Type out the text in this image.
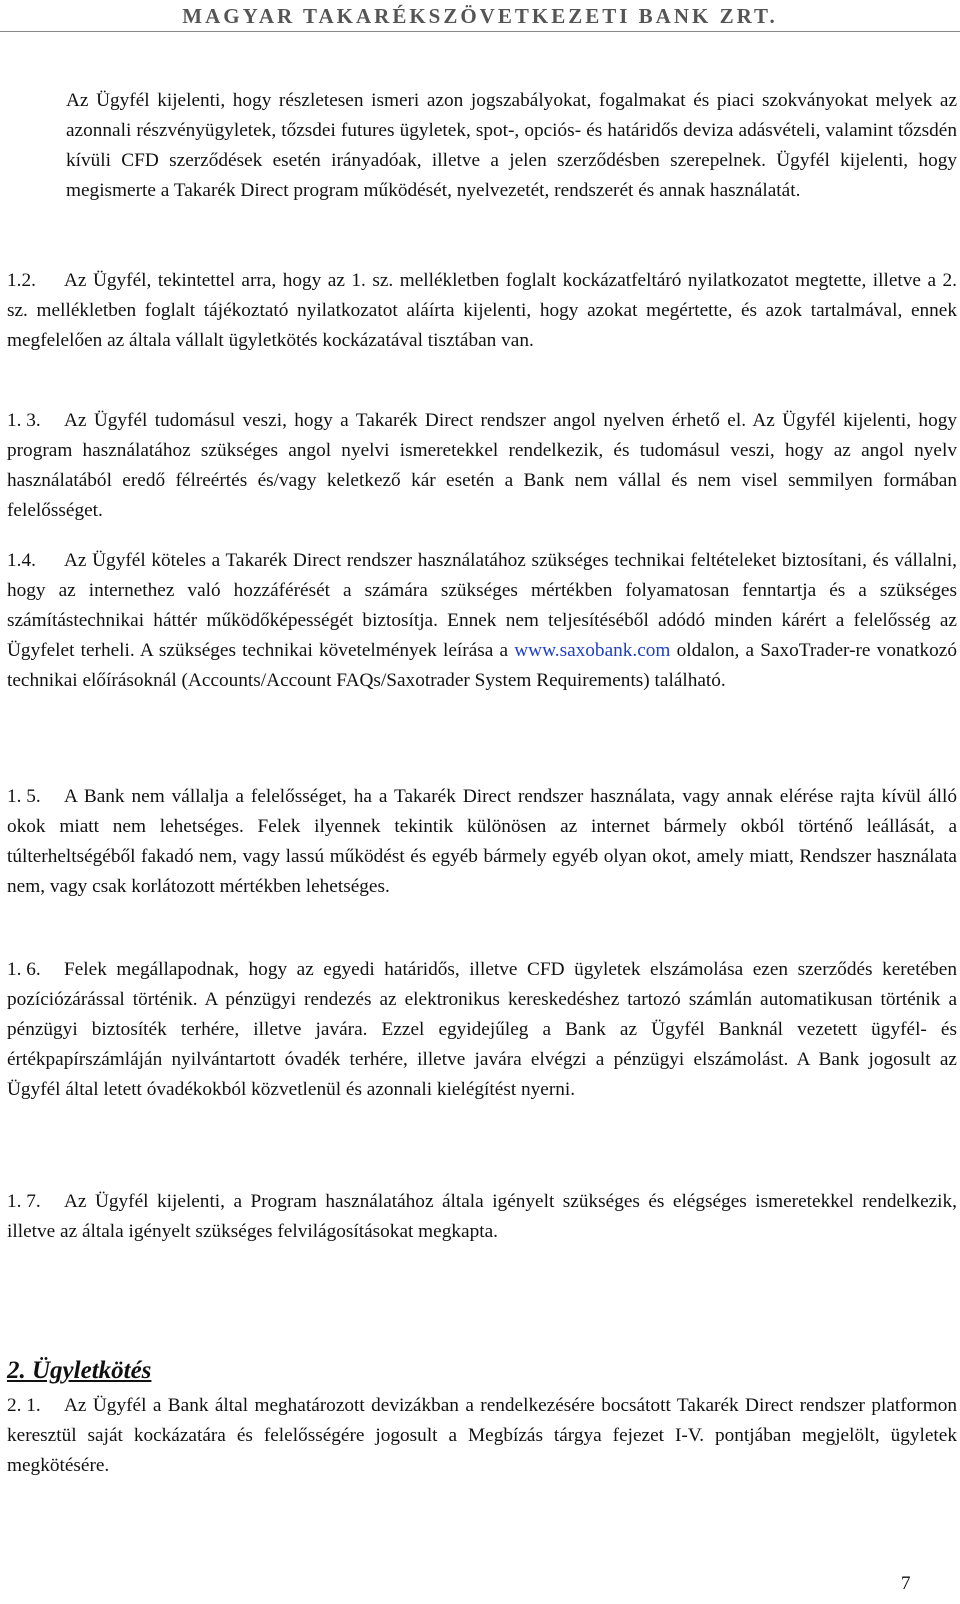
MAGYAR TAKARÉKSZÖVETKEZETI BANK ZRT.

Az Ügyfél kijelenti, hogy részletesen ismeri azon jogszabályokat, fogalmakat és piaci szokványokat melyek az azonnali részvényügyletek, tőzsdei futures ügyletek, spot-, opciós- és határidős deviza adásvételi, valamint tőzsdén kívüli CFD szerződések esetén irányadóak, illetve a jelen szerződésben szerepelnek. Ügyfél kijelenti, hogy megismerte a Takarék Direct program működését, nyelvezetét, rendszerét és annak használatát.

1.2. Az Ügyfél, tekintettel arra, hogy az 1. sz. mellékletben foglalt kockázatfeltáró nyilatkozatot megtette, illetve a 2. sz. mellékletben foglalt tájékoztató nyilatkozatot aláírta kijelenti, hogy azokat megértette, és azok tartalmával, ennek megfelelően az általa vállalt ügyletkötés kockázatával tisztában van.

1. 3. Az Ügyfél tudomásul veszi, hogy a Takarék Direct rendszer angol nyelven érhető el. Az Ügyfél kijelenti, hogy program használatához szükséges angol nyelvi ismeretekkel rendelkezik, és tudomásul veszi, hogy az angol nyelv használatából eredő félreértés és/vagy keletkező kár esetén a Bank nem vállal és nem visel semmilyen formában felelősséget.

1.4. Az Ügyfél köteles a Takarék Direct rendszer használatához szükséges technikai feltételeket biztosítani, és vállalni, hogy az internethez való hozzáférését a számára szükséges mértékben folyamatosan fenntartja és a szükséges számítástechnikai háttér működőképességét biztosítja. Ennek nem teljesítéséből adódó minden kárért a felelősség az Ügyfelet terheli. A szükséges technikai követelmények leírása a www.saxobank.com oldalon, a SaxoTrader-re vonatkozó technikai előírásoknál (Accounts/Account FAQs/Saxotrader System Requirements) található.

1. 5. A Bank nem vállalja a felelősséget, ha a Takarék Direct rendszer használata, vagy annak elérése rajta kívül álló okok miatt nem lehetséges. Felek ilyennek tekintik különösen az internet bármely okból történő leállását, a túlterheltségéből fakadó nem, vagy lassú működést és egyéb bármely egyéb olyan okot, amely miatt, Rendszer használata nem, vagy csak korlátozott mértékben lehetséges.

1. 6. Felek megállapodnak, hogy az egyedi határidős, illetve CFD ügyletek elszámolása ezen szerződés keretében pozíciózárással történik. A pénzügyi rendezés az elektronikus kereskedéshez tartozó számlán automatikusan történik a pénzügyi biztosíték terhére, illetve javára. Ezzel egyidejűleg a Bank az Ügyfél Banknál vezetett ügyfél- és értékpapírszámláján nyilvántartott óvadék terhére, illetve javára elvégzi a pénzügyi elszámolást. A Bank jogosult az Ügyfél által letett óvadékokból közvetlenül és azonnali kielégítést nyerni.

1. 7. Az Ügyfél kijelenti, a Program használatához általa igényelt szükséges és elégséges ismeretekkel rendelkezik, illetve az általa igényelt szükséges felvilágosításokat megkapta.

2. Ügyletkötés

2. 1. Az Ügyfél a Bank által meghatározott devizákban a rendelkezésére bocsátott Takarék Direct rendszer platformon keresztül saját kockázatára és felelősségére jogosult a Megbízás tárgya fejezet I-V. pontjában megjelölt, ügyletek megkötésére.

7
